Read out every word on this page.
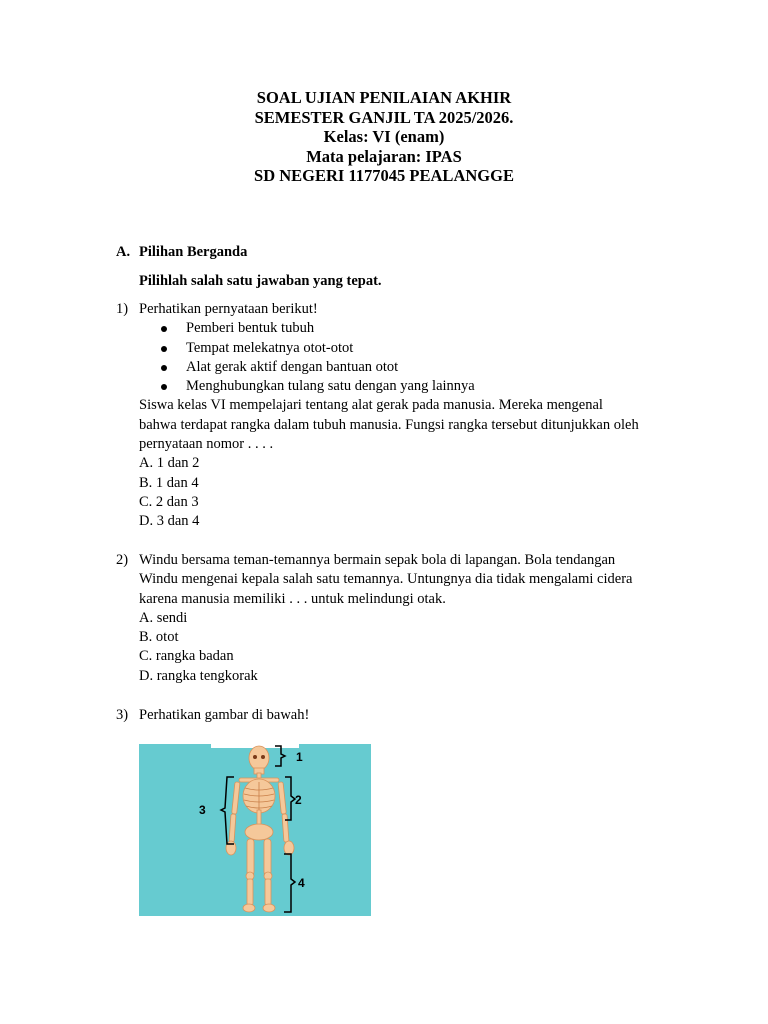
SOAL UJIAN PENILAIAN AKHIR
SEMESTER GANJIL TA 2025/2026.
Kelas: VI (enam)
Mata pelajaran: IPAS
SD NEGERI 1177045 PEALANGGE
A. Pilihan Berganda
Pilihlah salah satu jawaban yang tepat.
1) Perhatikan pernyataan berikut!
Pemberi bentuk tubuh
Tempat melekatnya otot-otot
Alat gerak aktif dengan bantuan otot
Menghubungkan tulang satu dengan yang lainnya
Siswa kelas VI mempelajari tentang alat gerak pada manusia. Mereka mengenal
bahwa terdapat rangka dalam tubuh manusia. Fungsi rangka tersebut ditunjukkan oleh
pernyataan nomor . . . .
A. 1 dan 2
B. 1 dan 4
C. 2 dan 3
D. 3 dan 4
2) Windu bersama teman-temannya bermain sepak bola di lapangan. Bola tendangan
Windu mengenai kepala salah satu temannya. Untungnya dia tidak mengalami cidera
karena manusia memiliki . . . untuk melindungi otak.
A. sendi
B. otot
C. rangka badan
D. rangka tengkorak
3) Perhatikan gambar di bawah!
1
2
3
4
